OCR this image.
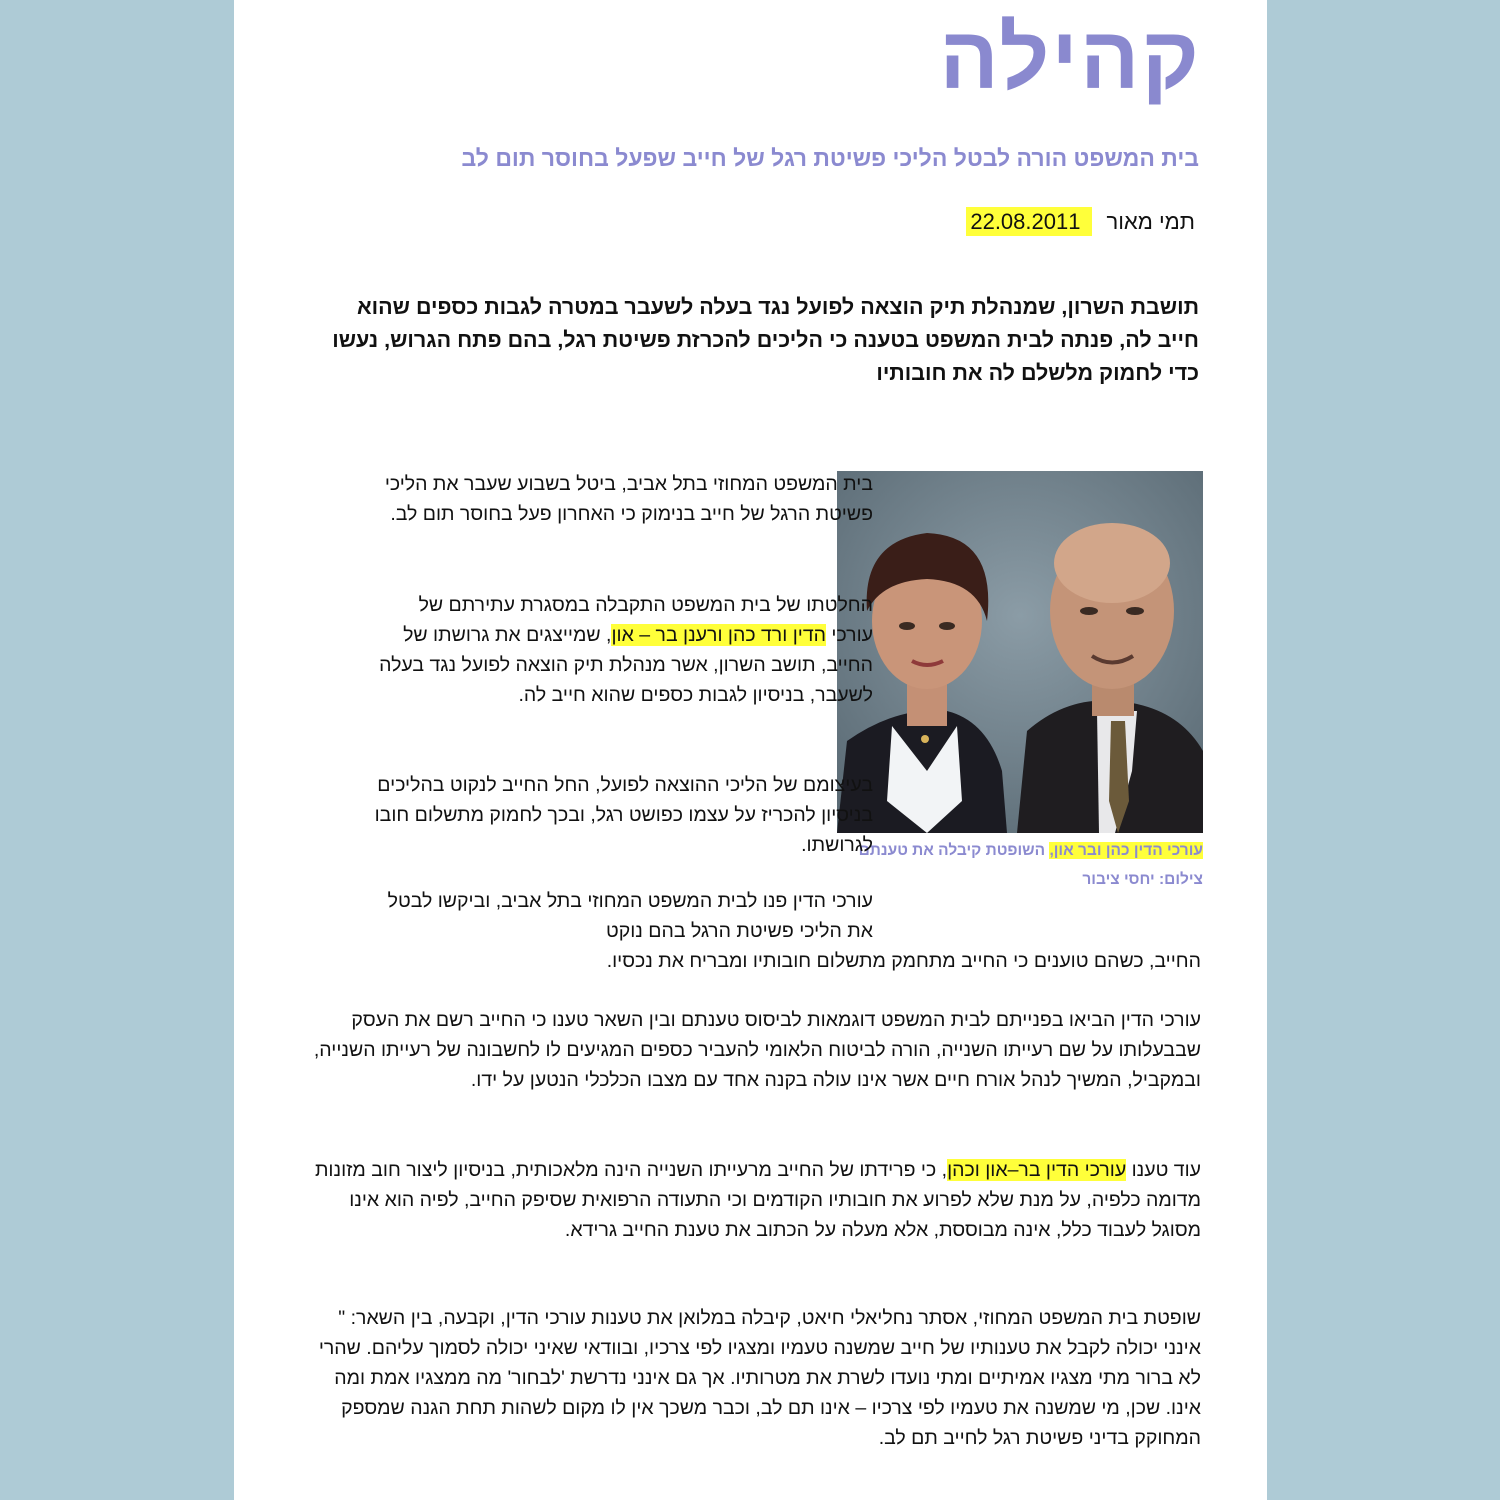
קהילה
בית המשפט הורה לבטל הליכי פשיטת רגל של חייב שפעל בחוסר תום לב
תמי מאור22.08.2011
תושבת השרון, שמנהלת תיק הוצאה לפועל נגד בעלה לשעבר במטרה לגבות כספים שהוא חייב לה, פנתה לבית המשפט בטענה כי הליכים להכרזת פשיטת רגל, בהם פתח הגרוש, נעשו כדי לחמוק מלשלם לה את חובותיו
עורכי הדין כהן ובר און, השופטת קיבלה את טענתם
צילום: יחסי ציבור
בית המשפט המחוזי בתל אביב, ביטל בשבוע שעבר את הליכי פשיטת הרגל של חייב בנימוק כי האחרון פעל בחוסר תום לב.
החלטתו של בית המשפט התקבלה במסגרת עתירתם של עורכי הדין ורד כהן ורענן בר – און, שמייצגים את גרושתו של החייב, תושב השרון, אשר מנהלת תיק הוצאה לפועל נגד בעלה לשעבר, בניסיון לגבות כספים שהוא חייב לה.
בעיצומם של הליכי ההוצאה לפועל, החל החייב לנקוט בהליכים בניסיון להכריז על עצמו כפושט רגל, ובכך לחמוק מתשלום חובו לגרושתו.
עורכי הדין פנו לבית המשפט המחוזי בתל אביב, וביקשו לבטל את הליכי פשיטת הרגל בהם נוקט
החייב, כשהם טוענים כי החייב מתחמק מתשלום חובותיו ומבריח את נכסיו.
עורכי הדין הביאו בפנייתם לבית המשפט דוגמאות לביסוס טענתם ובין השאר טענו כי החייב רשם את העסק שבבעלותו על שם רעייתו השנייה, הורה לביטוח הלאומי להעביר כספים המגיעים לו לחשבונה של רעייתו השנייה, ובמקביל, המשיך לנהל אורח חיים אשר אינו עולה בקנה אחד עם מצבו הכלכלי הנטען על ידו.
עוד טענו עורכי הדין בר–און וכהן, כי פרידתו של החייב מרעייתו השנייה הינה מלאכותית, בניסיון ליצור חוב מזונות מדומה כלפיה, על מנת שלא לפרוע את חובותיו הקודמים וכי התעודה הרפואית שסיפק החייב, לפיה הוא אינו מסוגל לעבוד כלל, אינה מבוססת, אלא מעלה על הכתוב את טענת החייב גרידא.
שופטת בית המשפט המחוזי, אסתר נחליאלי חיאט, קיבלה במלואן את טענות עורכי הדין, וקבעה, בין השאר: " אינני יכולה לקבל את טענותיו של חייב שמשנה טעמיו ומצגיו לפי צרכיו, ובוודאי שאיני יכולה לסמוך עליהם. שהרי לא ברור מתי מצגיו אמיתיים ומתי נועדו לשרת את מטרותיו. אך גם אינני נדרשת 'לבחור' מה ממצגיו אמת ומה אינו. שכן, מי שמשנה את טעמיו לפי צרכיו – אינו תם לב, וכבר משכך אין לו מקום לשהות תחת הגנה שמספק המחוקק בדיני פשיטת רגל לחייב תם לב.
